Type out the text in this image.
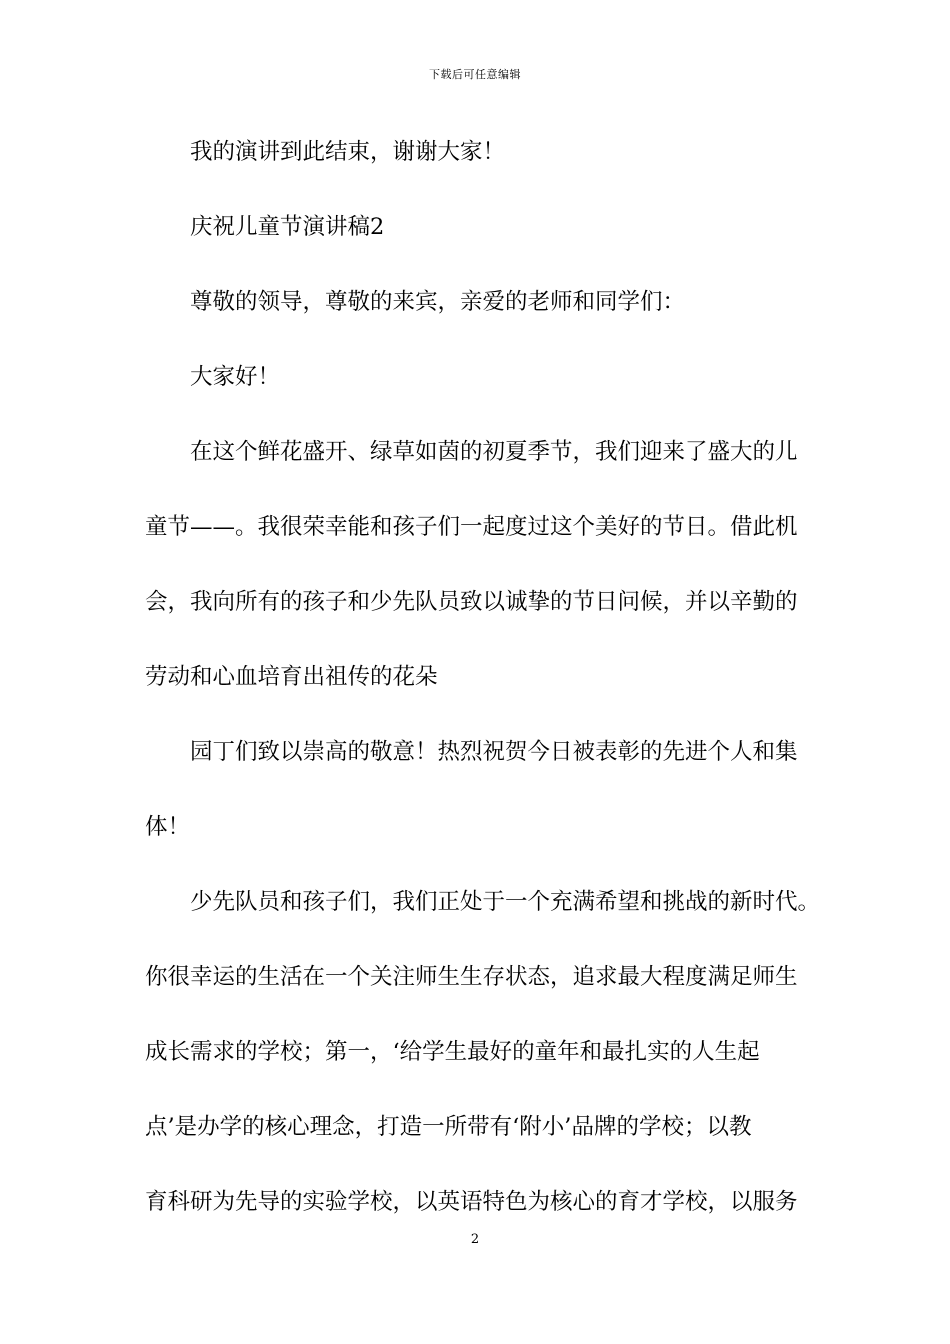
下载后可任意编辑
我的演讲到此结束，谢谢大家！
庆祝儿童节演讲稿2
尊敬的领导，尊敬的来宾，亲爱的老师和同学们：
大家好！
在这个鲜花盛开、绿草如茵的初夏季节，我们迎来了盛大的儿
童节——。我很荣幸能和孩子们一起度过这个美好的节日。借此机
会，我向所有的孩子和少先队员致以诚挚的节日问候，并以辛勤的
劳动和心血培育出祖传的花朵
园丁们致以崇高的敬意！热烈祝贺今日被表彰的先进个人和集
体！
少先队员和孩子们，我们正处于一个充满希望和挑战的新时代。
你很幸运的生活在一个关注师生生存状态，追求最大程度满足师生
成长需求的学校；第一，‘给学生最好的童年和最扎实的人生起
点’是办学的核心理念，打造一所带有‘附小’品牌的学校；以教
育科研为先导的实验学校，以英语特色为核心的育才学校，以服务
2
